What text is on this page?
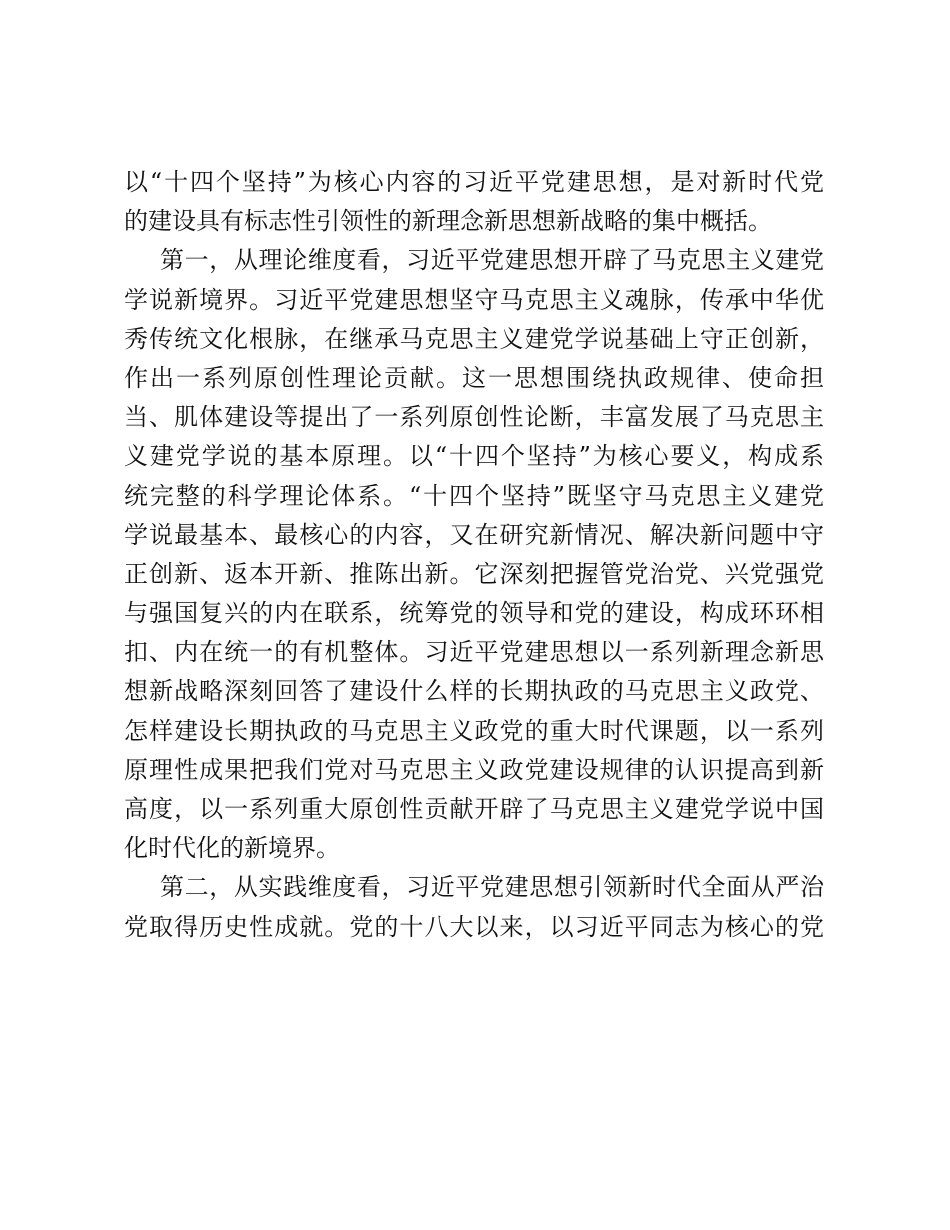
以“十四个坚持”为核心内容的习近平党建思想，是对新时代党
的建设具有标志性引领性的新理念新思想新战略的集中概括。
第一，从理论维度看，习近平党建思想开辟了马克思主义建党
学说新境界。习近平党建思想坚守马克思主义魂脉，传承中华优
秀传统文化根脉，在继承马克思主义建党学说基础上守正创新，
作出一系列原创性理论贡献。这一思想围绕执政规律、使命担
当、肌体建设等提出了一系列原创性论断，丰富发展了马克思主
义建党学说的基本原理。以“十四个坚持”为核心要义，构成系
统完整的科学理论体系。“十四个坚持”既坚守马克思主义建党
学说最基本、最核心的内容，又在研究新情况、解决新问题中守
正创新、返本开新、推陈出新。它深刻把握管党治党、兴党强党
与强国复兴的内在联系，统筹党的领导和党的建设，构成环环相
扣、内在统一的有机整体。习近平党建思想以一系列新理念新思
想新战略深刻回答了建设什么样的长期执政的马克思主义政党、
怎样建设长期执政的马克思主义政党的重大时代课题，以一系列
原理性成果把我们党对马克思主义政党建设规律的认识提高到新
高度，以一系列重大原创性贡献开辟了马克思主义建党学说中国
化时代化的新境界。
第二，从实践维度看，习近平党建思想引领新时代全面从严治
党取得历史性成就。党的十八大以来，以习近平同志为核心的党
